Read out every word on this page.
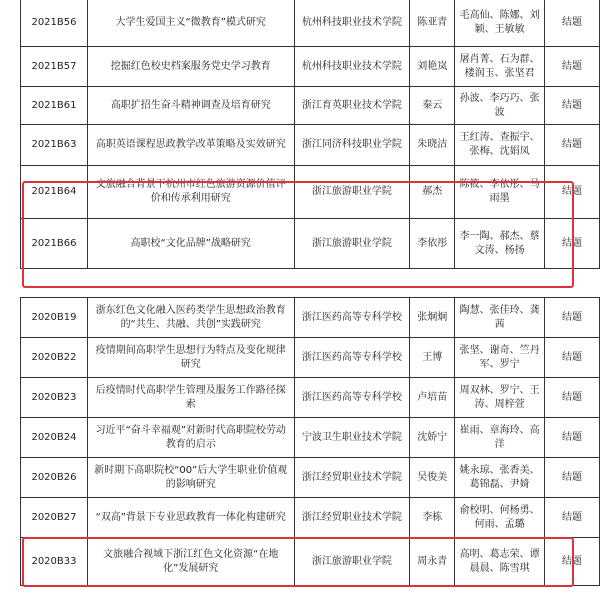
2021B56	大学生爱国主义“微教育”模式研究	杭州科技职业技术学院	陈亚青	毛高仙、陈娜、刘颖、王敏敏	结题
2021B57	挖掘红色校史档案服务党史学习教育	杭州科技职业技术学院	刘艳岚	屠肖菁、石为群、楼润玉、张坚君	结题
2021B61	高职扩招生奋斗精神调查及培育研究	浙江育英职业技术学院	秦云	孙波、李巧巧、张波	结题
2021B63	高职英语课程思政教学改革策略及实效研究	浙江同济科技职业学院	朱晓洁	王红涛、查振宇、张梅、沈娟凤	结题
2021B64	文旅融合背景下杭州市红色旅游资源价值评价和传承利用研究	浙江旅游职业学院	郝杰	陈筱、李依彤、马雨墨	结题
2021B66	高职校“文化品牌”战略研究	浙江旅游职业学院	李依彤	李一陶、郝杰、蔡文涛、杨扬	结题
2020B19	浙东红色文化融入医药类学生思想政治教育的“共生、共融、共创”实践研究	浙江医药高等专科学校	张炯炯	陶慧、张佳玲、龚茜	结题
2020B22	疫情期间高职学生思想行为特点及变化规律研究	浙江医药高等专科学校	王博	张坚、谢奇、竺丹军、罗宁	结题
2020B23	后疫情时代高职学生管理及服务工作路径探索	浙江医药高等专科学校	卢培苗	周双林、罗宁、王涛、周梓萱	结题
2020B24	习近平“奋斗幸福观”对新时代高职院校劳动教育的启示	宁波卫生职业技术学院	沈娇宁	崔雨、章海玲、高洋	结题
2020B26	新时期下高职院校“00”后大学生职业价值观的影响研究	浙江经贸职业技术学院	吴俊美	姚永琼、张香美、葛锦磊、尹婍	结题
2020B27	“双高”背景下专业思政教育一体化构建研究	浙江经贸职业技术学院	李栋	俞校明、何杨勇、何雨、孟璐	结题
2020B33	文旅融合视域下浙江红色文化资源“在地化”发展研究	浙江旅游职业学院	周永青	高明、葛志荣、谭晨晨、陈雪琪	结题
